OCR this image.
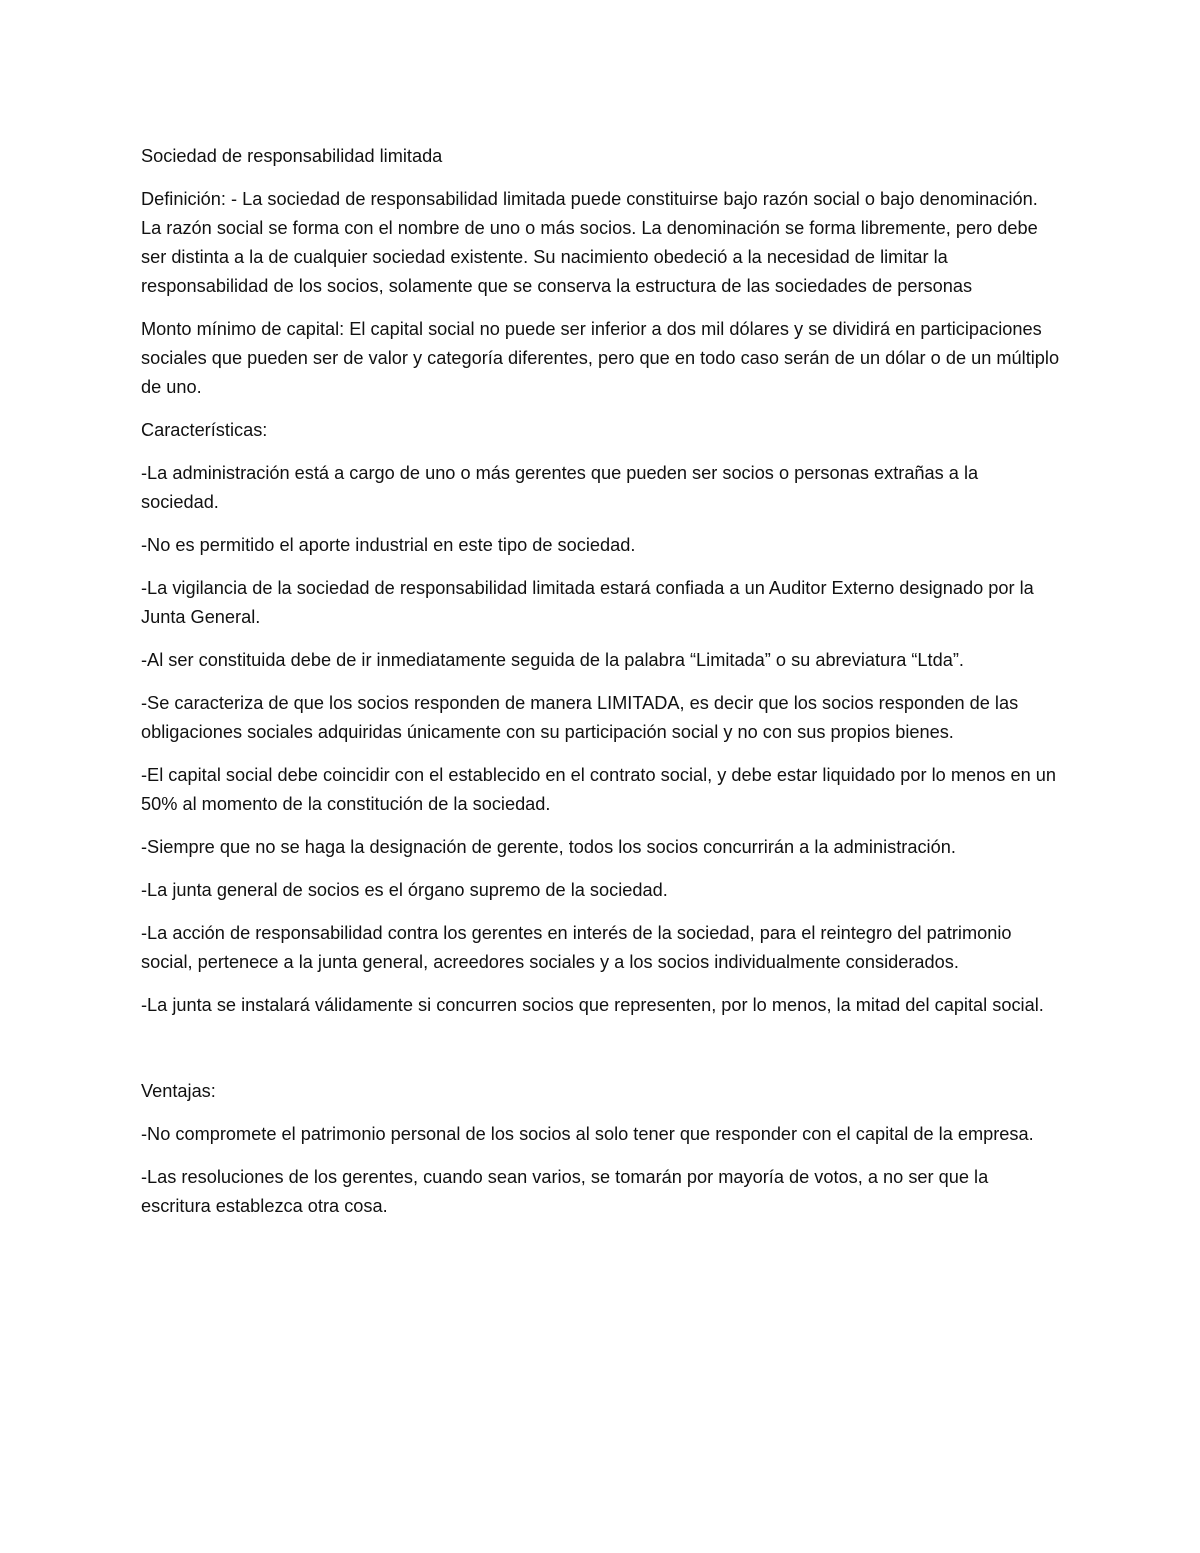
Sociedad de responsabilidad limitada

Definición: - La sociedad de responsabilidad limitada puede constituirse bajo razón social o bajo denominación. La razón social se forma con el nombre de uno o más socios. La denominación se forma libremente, pero debe ser distinta a la de cualquier sociedad existente. Su nacimiento obedeció a la necesidad de limitar la responsabilidad de los socios, solamente que se conserva la estructura de las sociedades de personas

Monto mínimo de capital: El capital social no puede ser inferior a dos mil dólares y se dividirá en participaciones sociales que pueden ser de valor y categoría diferentes, pero que en todo caso serán de un dólar o de un múltiplo de uno.

Características:

-La administración está a cargo de uno o más gerentes que pueden ser socios o personas extrañas a la sociedad.

-No es permitido el aporte industrial en este tipo de sociedad.

-La vigilancia de la sociedad de responsabilidad limitada estará confiada a un Auditor Externo designado por la Junta General.

-Al ser constituida debe de ir inmediatamente seguida de la palabra “Limitada” o su abreviatura “Ltda”.

-Se caracteriza de que los socios responden de manera LIMITADA, es decir que los socios responden de las obligaciones sociales adquiridas únicamente con su participación social y no con sus propios bienes.

-El capital social debe coincidir con el establecido en el contrato social, y debe estar liquidado por lo menos en un 50% al momento de la constitución de la sociedad.

-Siempre que no se haga la designación de gerente, todos los socios concurrirán a la administración.

-La junta general de socios es el órgano supremo de la sociedad.

-La acción de responsabilidad contra los gerentes en interés de la sociedad, para el reintegro del patrimonio social, pertenece a la junta general, acreedores sociales y a los socios individualmente considerados.

-La junta se instalará válidamente si concurren socios que representen, por lo menos, la mitad del capital social.

Ventajas:

-No compromete el patrimonio personal de los socios al solo tener que responder con el capital de la empresa.

-Las resoluciones de los gerentes, cuando sean varios, se tomarán por mayoría de votos, a no ser que la escritura establezca otra cosa.
